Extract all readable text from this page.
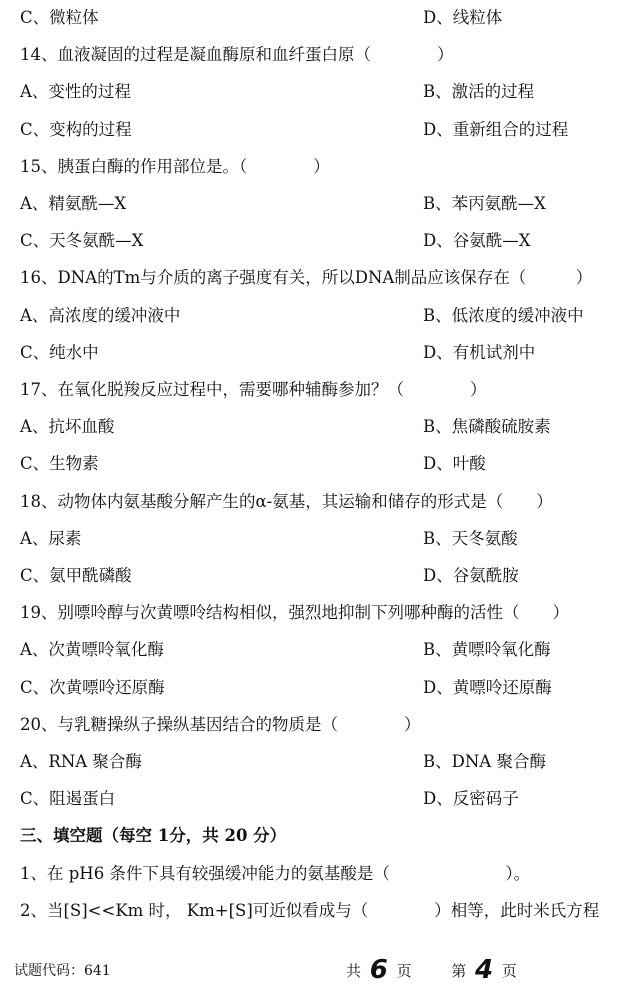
C、微粒体	D、线粒体
14、血液凝固的过程是凝血酶原和血纤蛋白原（　　　　）
A、变性的过程	B、激活的过程
C、变构的过程	D、重新组合的过程
15、胰蛋白酶的作用部位是。（　　　　）
A、精氨酰—X	B、苯丙氨酰—X
C、天冬氨酰—X	D、谷氨酰—X
16、DNA的Tm与介质的离子强度有关，所以DNA制品应该保存在（　　　）
A、高浓度的缓冲液中	B、低浓度的缓冲液中
C、纯水中	D、有机试剂中
17、在氧化脱羧反应过程中，需要哪种辅酶参加？（　　　　）
A、抗坏血酸	B、焦磷酸硫胺素
C、生物素	D、叶酸
18、动物体内氨基酸分解产生的α-氨基，其运输和储存的形式是（　　）
A、尿素	B、天冬氨酸
C、氨甲酰磷酸	D、谷氨酰胺
19、别嘌呤醇与次黄嘌呤结构相似，强烈地抑制下列哪种酶的活性（　　）
A、次黄嘌呤氧化酶	B、黄嘌呤氧化酶
C、次黄嘌呤还原酶	D、黄嘌呤还原酶
20、与乳糖操纵子操纵基因结合的物质是（　　　　）
A、RNA 聚合酶	B、DNA 聚合酶
C、阻遏蛋白	D、反密码子
三、填空题（每空 1分，共 20 分）
1、在 pH6 条件下具有较强缓冲能力的氨基酸是（　　　　　　　）。
2、当[S]<<Km 时， Km+[S]可近似看成与（　　　　）相等，此时米氏方程
试题代码：641	共 6 页	第 4 页
